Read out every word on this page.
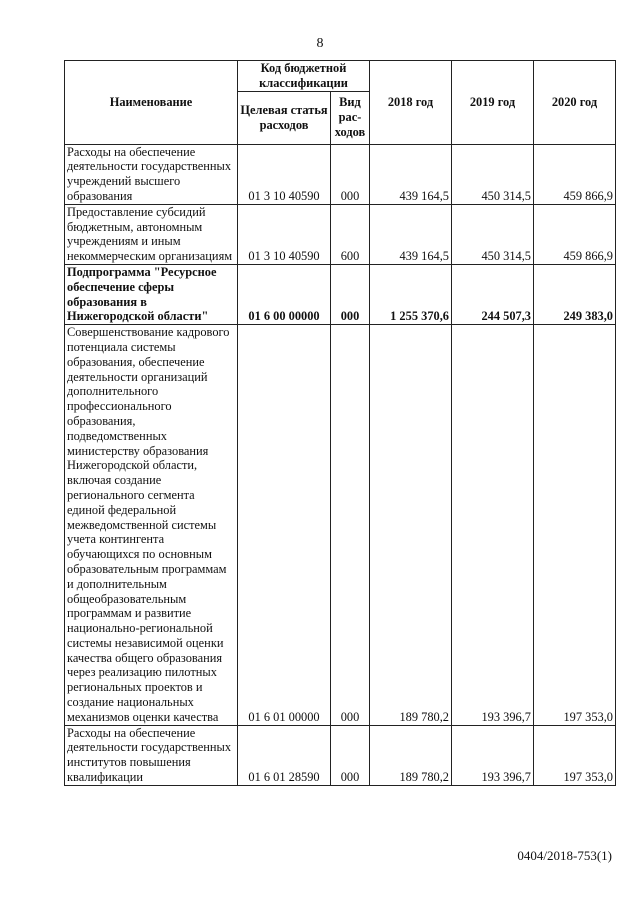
8
Наименование	Код бюджетной классификации		2018 год	2019 год	2020 год
	Целевая статья расходов	Вид рас-ходов			
Расходы на обеспечение деятельности государственных учреждений высшего образования	01 3 10 40590	000	439 164,5	450 314,5	459 866,9
Предоставление субсидий бюджетным, автономным учреждениям и иным некоммерческим организациям	01 3 10 40590	600	439 164,5	450 314,5	459 866,9
Подпрограмма "Ресурсное обеспечение сферы образования в Нижегородской области"	01 6 00 00000	000	1 255 370,6	244 507,3	249 383,0
Совершенствование кадрового потенциала системы образования, обеспечение деятельности организаций дополнительного профессионального образования, подведомственных министерству образования Нижегородской области, включая создание регионального сегмента единой федеральной межведомственной системы учета контингента обучающихся по основным образовательным программам и дополнительным общеобразовательным программам и развитие национально-региональной системы независимой оценки качества общего образования через реализацию пилотных региональных проектов и создание национальных механизмов оценки качества	01 6 01 00000	000	189 780,2	193 396,7	197 353,0
Расходы на обеспечение деятельности государственных институтов повышения квалификации	01 6 01 28590	000	189 780,2	193 396,7	197 353,0
0404/2018-753(1)
